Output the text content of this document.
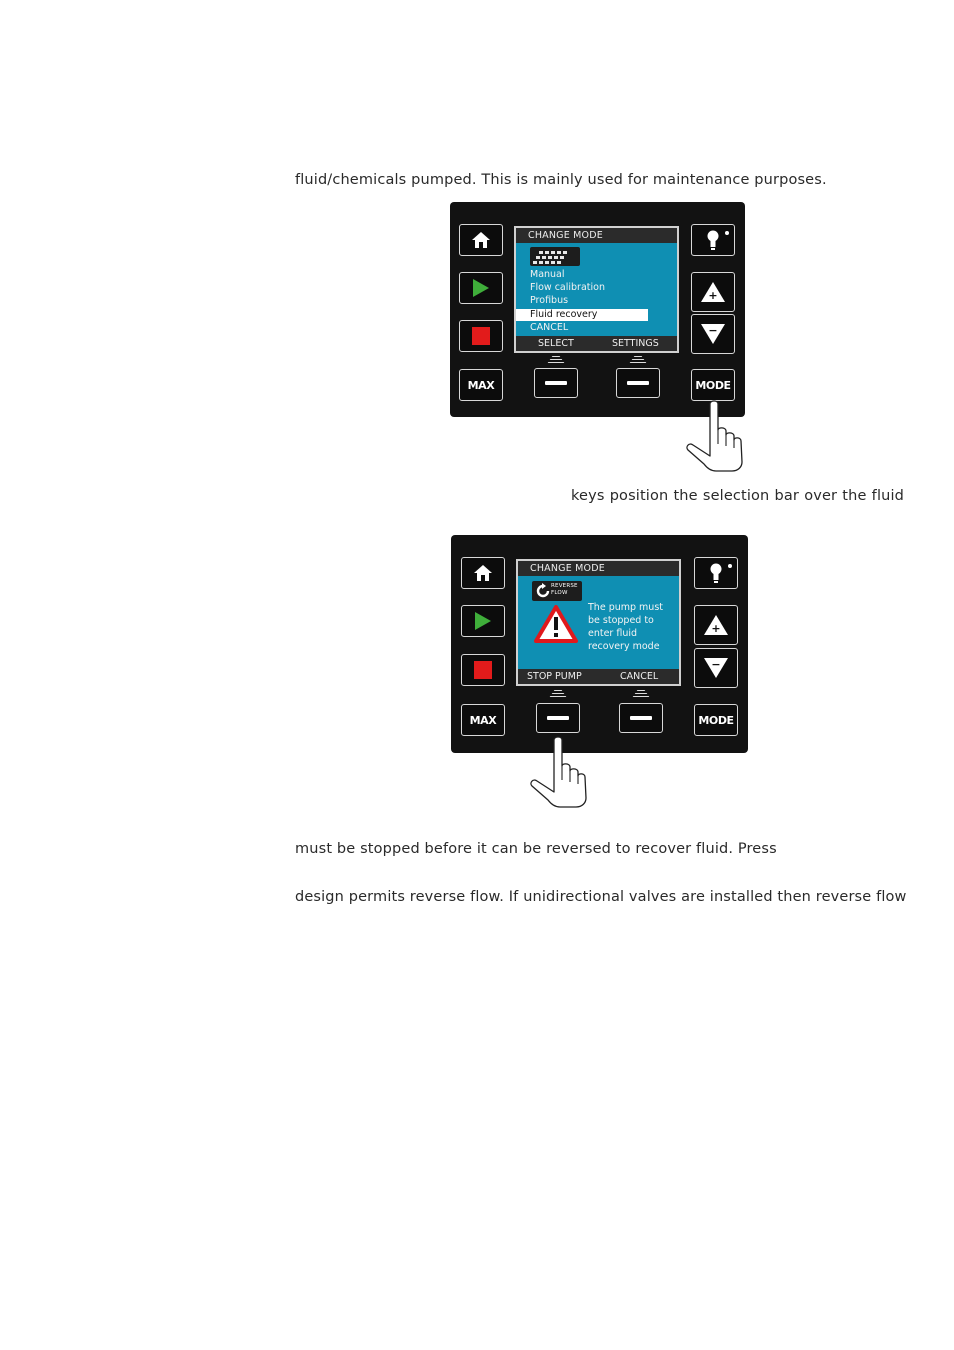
fluid/chemicals pumped. This is mainly used for maintenance purposes.
MAX
CHANGE MODE
Manual
Flow calibration
Profibus
Fluid recovery
CANCEL
SELECT	SETTINGS
+
−
MODE
keys position the selection bar over the fluid
MAX
CHANGE MODE
REVERSE FLOW
The pump must
be stopped to
enter fluid
recovery mode
STOP PUMP	CANCEL
+
−
MODE
must be stopped before it can be reversed to recover fluid. Press
design permits reverse flow. If unidirectional valves are installed then reverse flow
